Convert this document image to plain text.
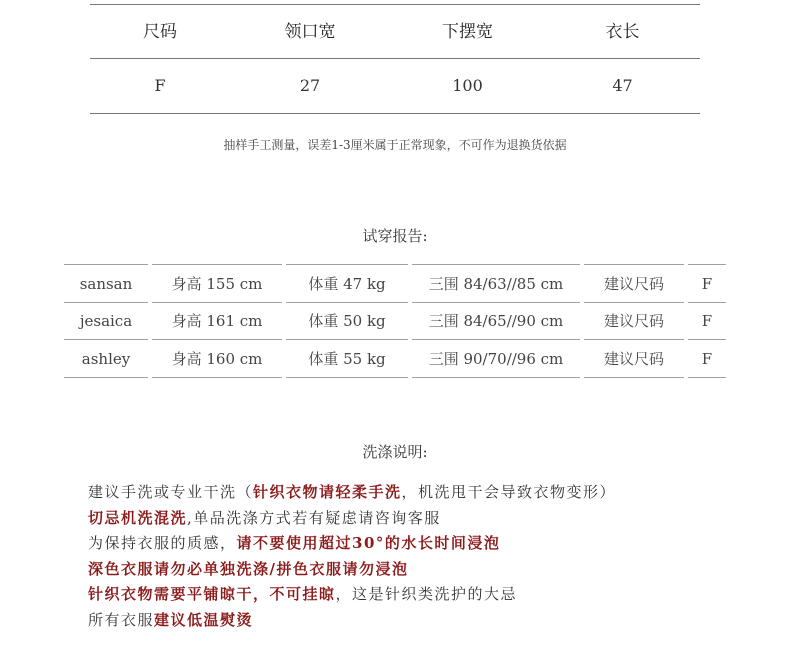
尺码	领口宽	下摆宽	衣长
F	27	100	47
抽样手工测量，误差1-3厘米属于正常现象，不可作为退换货依据
试穿报告:
sansan	身高 155 cm	体重 47 kg	三围 84/63//85 cm	建议尺码	F
jesaica	身高 161 cm	体重 50 kg	三围 84/65//90 cm	建议尺码	F
ashley	身高 160 cm	体重 55 kg	三围 90/70//96 cm	建议尺码	F
洗涤说明:
建议手洗或专业干洗（针织衣物请轻柔手洗，机洗甩干会导致衣物变形）
切忌机洗混洗,单品洗涤方式若有疑虑请咨询客服
为保持衣服的质感，请不要使用超过30°的水长时间浸泡
深色衣服请勿必单独洗涤/拼色衣服请勿浸泡
针织衣物需要平铺晾干，不可挂晾，这是针织类洗护的大忌
所有衣服建议低温熨烫
